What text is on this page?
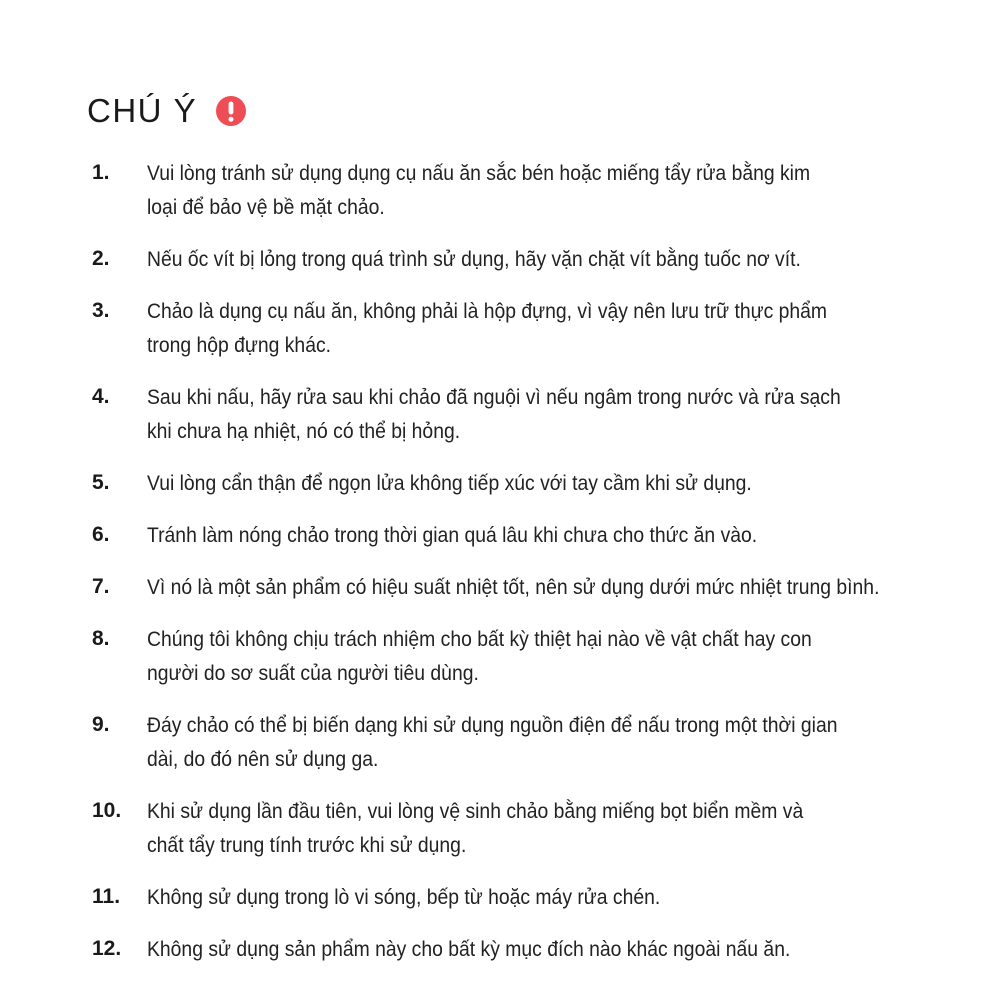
CHÚ Ý
1.	Vui lòng tránh sử dụng dụng cụ nấu ăn sắc bén hoặc miếng tẩy rửa bằng kim
loại để bảo vệ bề mặt chảo.
2.	Nếu ốc vít bị lỏng trong quá trình sử dụng, hãy vặn chặt vít bằng tuốc nơ vít.
3.	Chảo là dụng cụ nấu ăn, không phải là hộp đựng, vì vậy nên lưu trữ thực phẩm
trong hộp đựng khác.
4.	Sau khi nấu, hãy rửa sau khi chảo đã nguội vì nếu ngâm trong nước và rửa sạch
khi chưa hạ nhiệt, nó có thể bị hỏng.
5.	Vui lòng cẩn thận để ngọn lửa không tiếp xúc với tay cầm khi sử dụng.
6.	Tránh làm nóng chảo trong thời gian quá lâu khi chưa cho thức ăn vào.
7.	Vì nó là một sản phẩm có hiệu suất nhiệt tốt, nên sử dụng dưới mức nhiệt trung bình.
8.	Chúng tôi không chịu trách nhiệm cho bất kỳ thiệt hại nào về vật chất hay con
người do sơ suất của người tiêu dùng.
9.	Đáy chảo có thể bị biến dạng khi sử dụng nguồn điện để nấu trong một thời gian
dài, do đó nên sử dụng ga.
10.	Khi sử dụng lần đầu tiên, vui lòng vệ sinh chảo bằng miếng bọt biển mềm và
chất tẩy trung tính trước khi sử dụng.
11.	Không sử dụng trong lò vi sóng, bếp từ hoặc máy rửa chén.
12.	Không sử dụng sản phẩm này cho bất kỳ mục đích nào khác ngoài nấu ăn.
